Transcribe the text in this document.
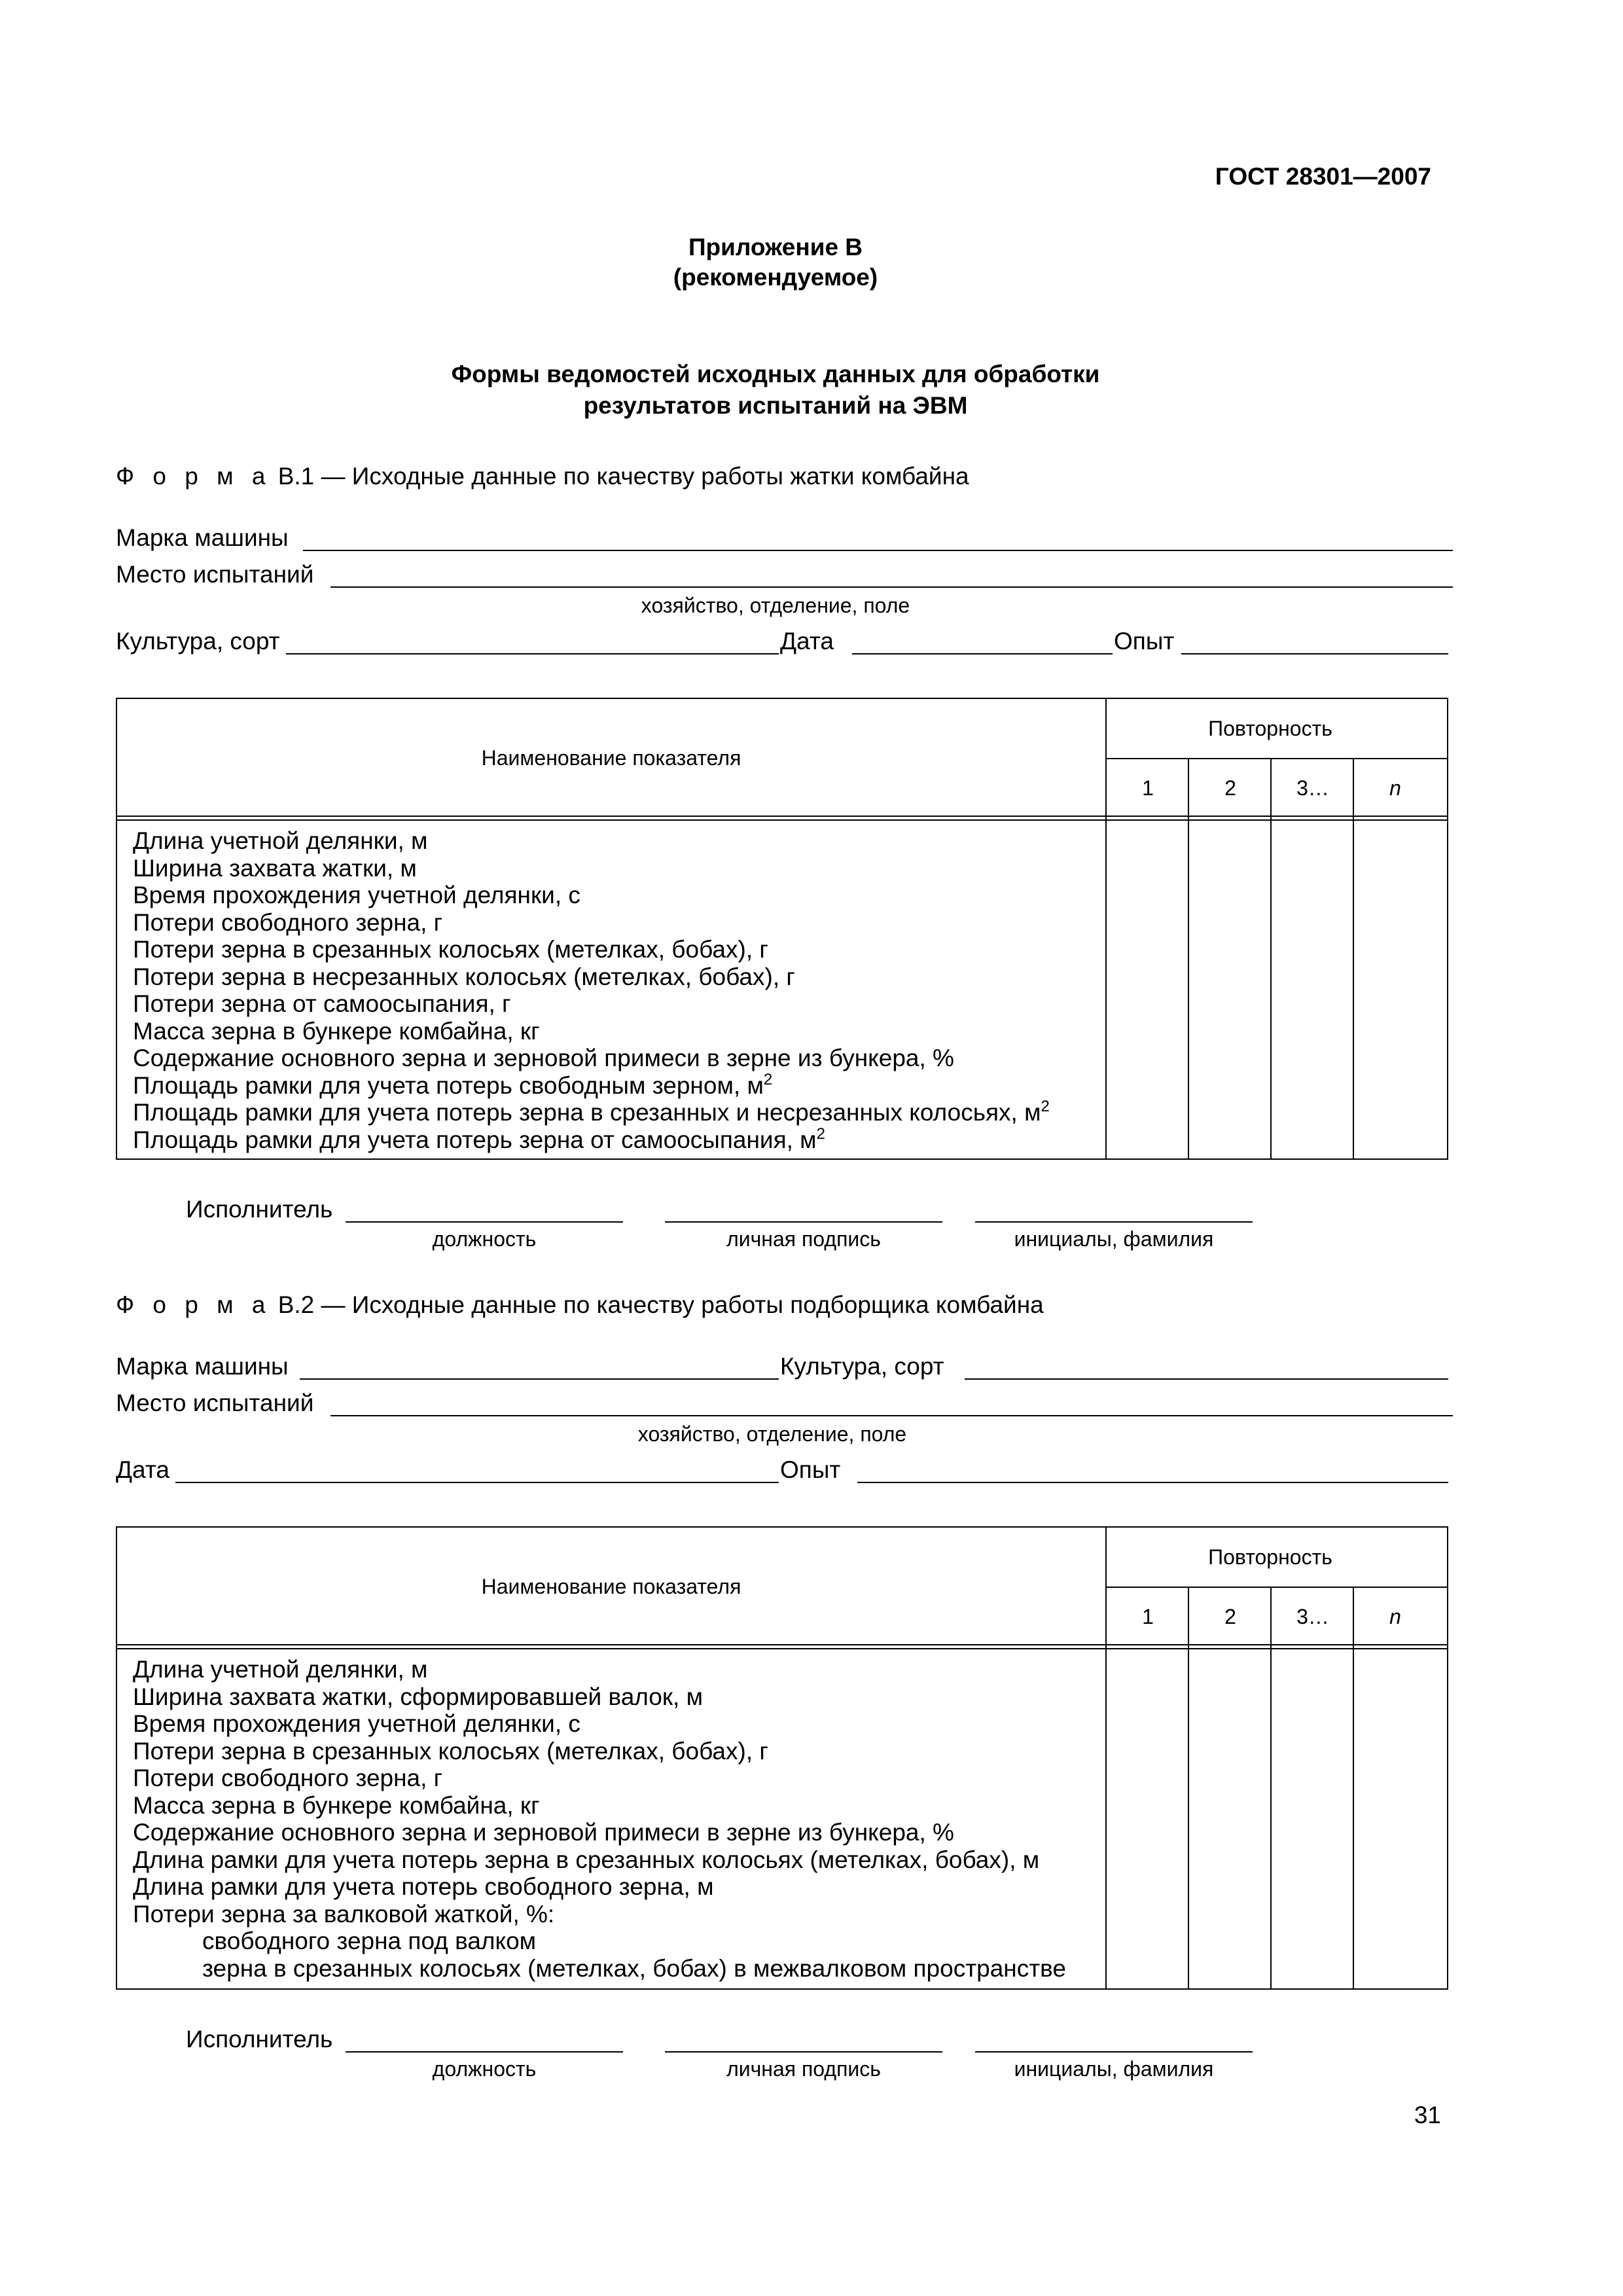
ГОСТ 28301—2007
Приложение В
(рекомендуемое)
Формы ведомостей исходных данных для обработки
результатов испытаний на ЭВМ
Ф о р м а В.1 — Исходные данные по качеству работы жатки комбайна
Марка машины
Место испытаний
хозяйство, отделение, поле
Культура, сорт	Дата	Опыт
Наименование показателя
Повторность
1	2	3…	n
Длина учетной делянки, м
Ширина захвата жатки, м
Время прохождения учетной делянки, с
Потери свободного зерна, г
Потери зерна в срезанных колосьях (метелках, бобах), г
Потери зерна в несрезанных колосьях (метелках, бобах), г
Потери зерна от самоосыпания, г
Масса зерна в бункере комбайна, кг
Содержание основного зерна и зерновой примеси в зерне из бункера, %
Площадь рамки для учета потерь свободным зерном, $м^2$
Площадь рамки для учета потерь зерна в срезанных и несрезанных колосьях, $м^2$
Площадь рамки для учета потерь зерна от самоосыпания, $м^2$
Исполнитель
должность	личная подпись	инициалы, фамилия
Ф о р м а В.2 — Исходные данные по качеству работы подборщика комбайна
Марка машины	Культура, сорт
Место испытаний
хозяйство, отделение, поле
Дата	Опыт
Наименование показателя
Повторность
1	2	3…	n
Длина учетной делянки, м
Ширина захвата жатки, сформировавшей валок, м
Время прохождения учетной делянки, с
Потери зерна в срезанных колосьях (метелках, бобах), г
Потери свободного зерна, г
Масса зерна в бункере комбайна, кг
Содержание основного зерна и зерновой примеси в зерне из бункера, %
Длина рамки для учета потерь зерна в срезанных колосьях (метелках, бобах), м
Длина рамки для учета потерь свободного зерна, м
Потери зерна за валковой жаткой, %:
свободного зерна под валком
зерна в срезанных колосьях (метелках, бобах) в межвалковом пространстве
Исполнитель
должность	личная подпись	инициалы, фамилия
31
